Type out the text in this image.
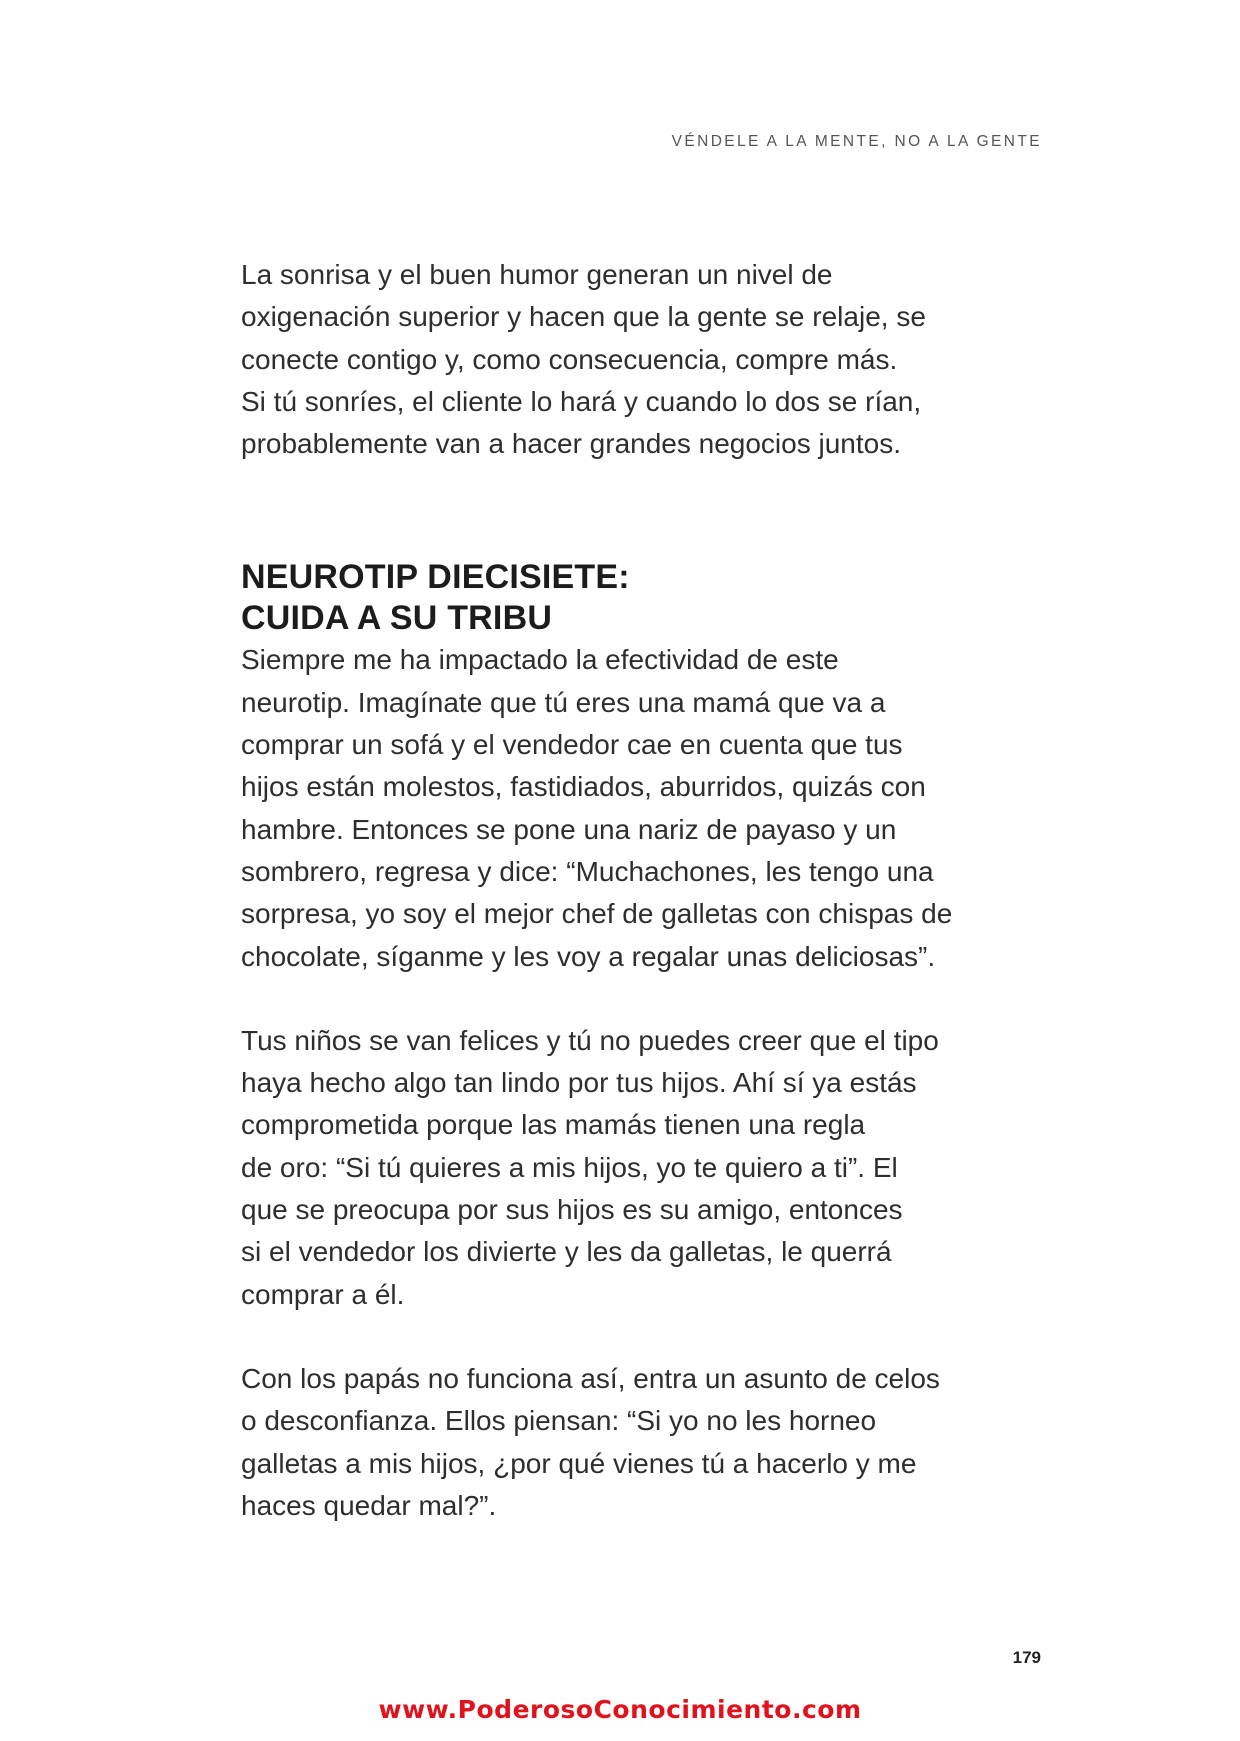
VÉNDELE A LA MENTE, NO A LA GENTE

La sonrisa y el buen humor generan un nivel de
oxigenación superior y hacen que la gente se relaje, se
conecte contigo y, como consecuencia, compre más.
Si tú sonríes, el cliente lo hará y cuando lo dos se rían,
probablemente van a hacer grandes negocios juntos.

NEUROTIP DIECISIETE:
CUIDA A SU TRIBU

Siempre me ha impactado la efectividad de este
neurotip. Imagínate que tú eres una mamá que va a
comprar un sofá y el vendedor cae en cuenta que tus
hijos están molestos, fastidiados, aburridos, quizás con
hambre. Entonces se pone una nariz de payaso y un
sombrero, regresa y dice: “Muchachones, les tengo una
sorpresa, yo soy el mejor chef de galletas con chispas de
chocolate, síganme y les voy a regalar unas deliciosas”.

Tus niños se van felices y tú no puedes creer que el tipo
haya hecho algo tan lindo por tus hijos. Ahí sí ya estás
comprometida porque las mamás tienen una regla
de oro: “Si tú quieres a mis hijos, yo te quiero a ti”. El
que se preocupa por sus hijos es su amigo, entonces
si el vendedor los divierte y les da galletas, le querrá
comprar a él.

Con los papás no funciona así, entra un asunto de celos
o desconfianza. Ellos piensan: “Si yo no les horneo
galletas a mis hijos, ¿por qué vienes tú a hacerlo y me
haces quedar mal?”.

179
www.PoderosoConocimiento.com
